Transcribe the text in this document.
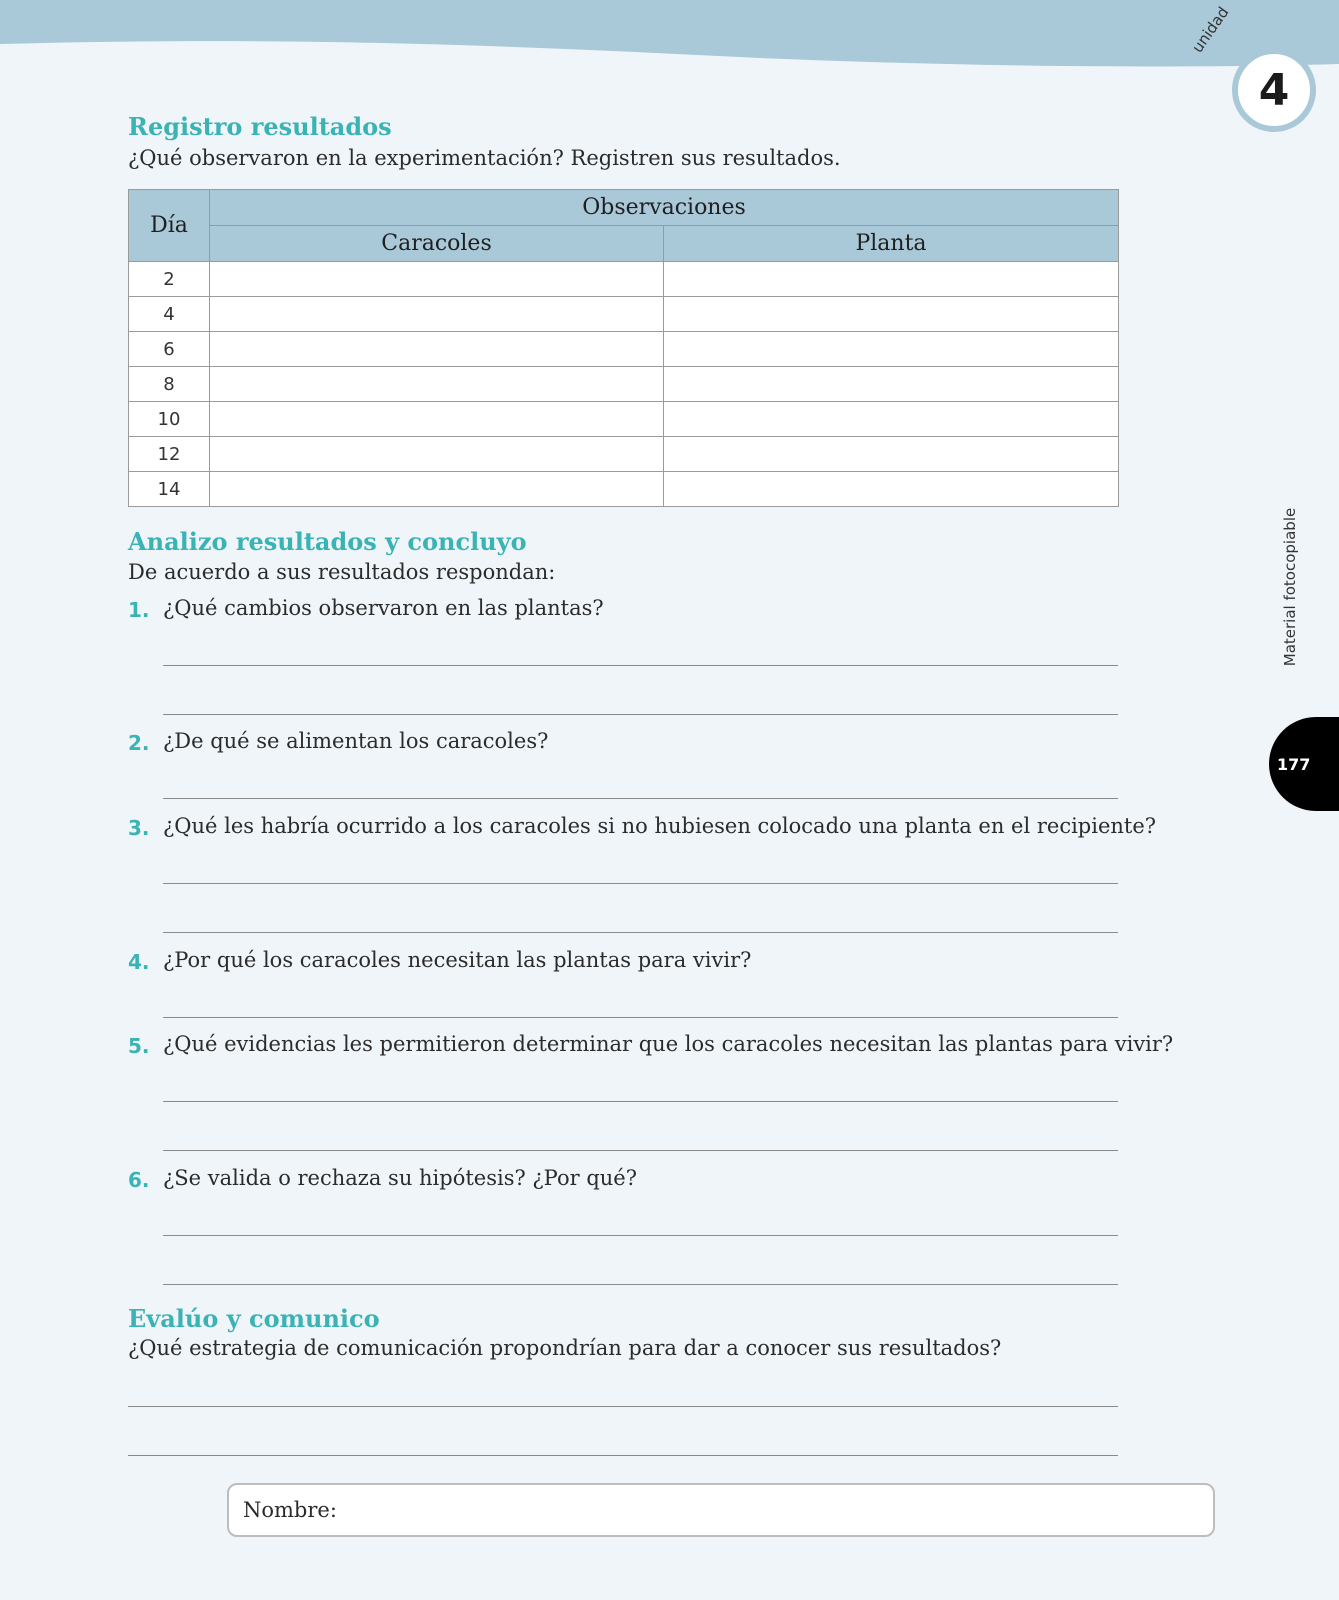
unidad
4
Material fotocopiable
177
Registro resultados

¿Qué observaron en la experimentación? Registren sus resultados.

Día	Observaciones	
	Caracoles	Planta
2		
4		
6		
8		
10		
12		
14		
Analizo resultados y concluyo

De acuerdo a sus resultados respondan:

1. ¿Qué cambios observaron en las plantas?
2. ¿De qué se alimentan los caracoles?
3. ¿Qué les habría ocurrido a los caracoles si no hubiesen colocado una planta en el recipiente?
4. ¿Por qué los caracoles necesitan las plantas para vivir?
5. ¿Qué evidencias les permitieron determinar que los caracoles necesitan las plantas para vivir?
6. ¿Se valida o rechaza su hipótesis? ¿Por qué?
Evalúo y comunico

¿Qué estrategia de comunicación propondrían para dar a conocer sus resultados?

Nombre:
